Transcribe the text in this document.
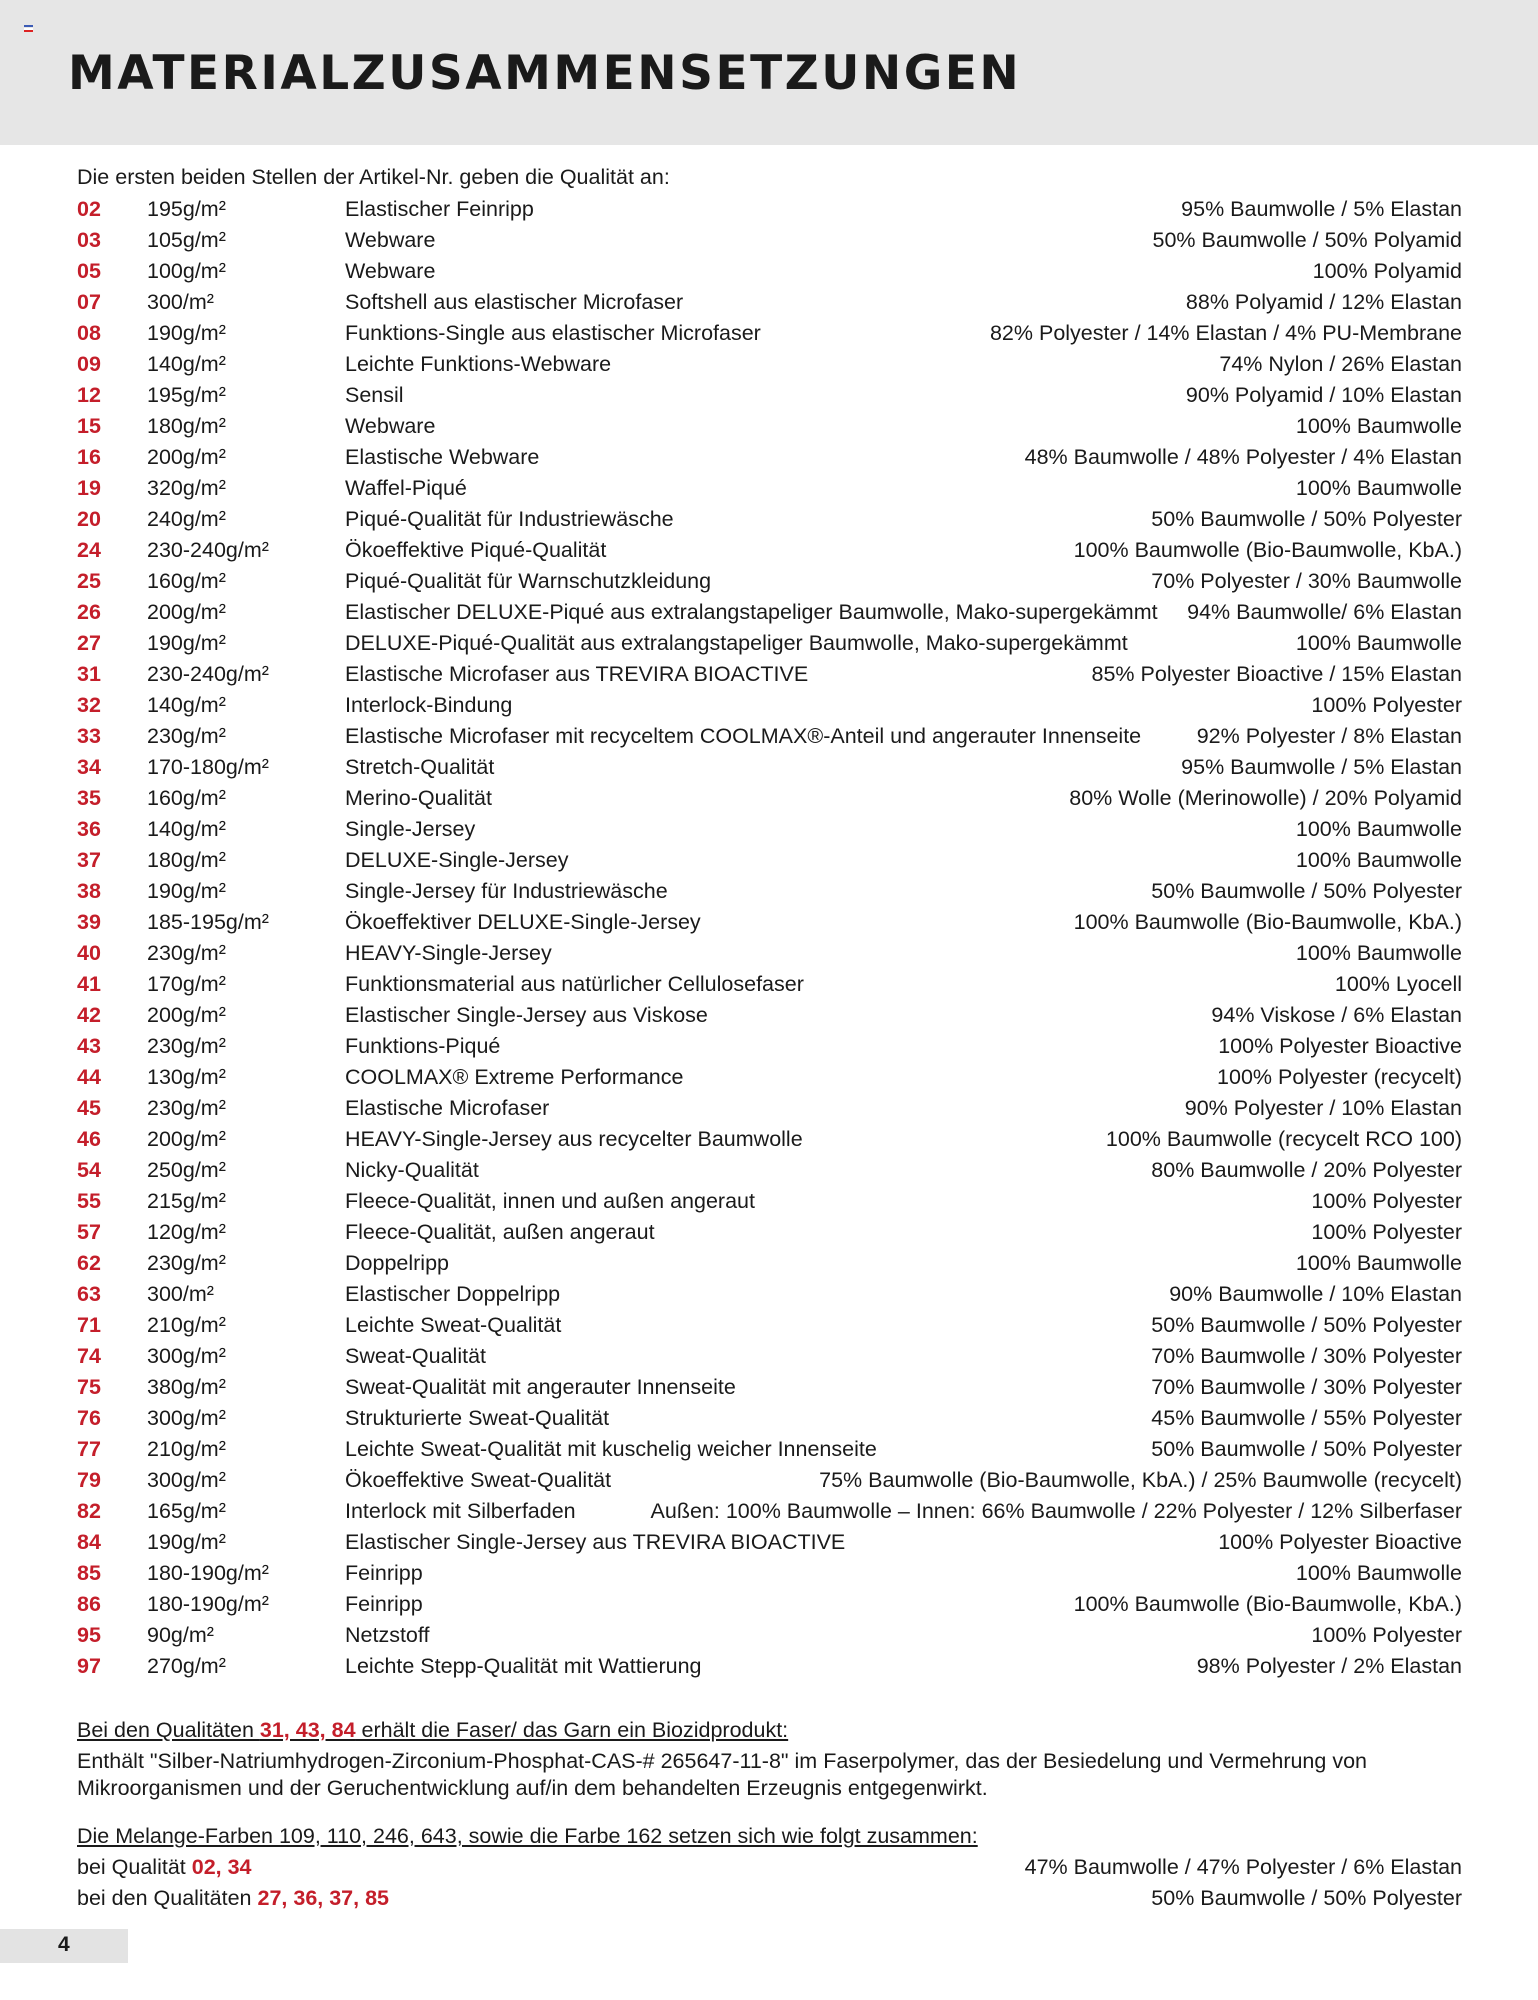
MATERIALZUSAMMENSETZUNGEN
Die ersten beiden Stellen der Artikel-Nr. geben die Qualität an:
02 195g/m²	Elastischer Feinripp	95% Baumwolle / 5% Elastan
03 105g/m²	Webware	50% Baumwolle / 50% Polyamid
05 100g/m²	Webware	100% Polyamid
07 300/m²	Softshell aus elastischer Microfaser	88% Polyamid / 12% Elastan
08 190g/m²	Funktions-Single aus elastischer Microfaser	82% Polyester / 14% Elastan / 4% PU-Membrane
09 140g/m²	Leichte Funktions-Webware	74% Nylon / 26% Elastan
12 195g/m²	Sensil	90% Polyamid / 10% Elastan
15 180g/m²	Webware	100% Baumwolle
16 200g/m²	Elastische Webware	48% Baumwolle / 48% Polyester / 4% Elastan
19 320g/m²	Waffel-Piqué	100% Baumwolle
20 240g/m²	Piqué-Qualität für Industriewäsche	50% Baumwolle / 50% Polyester
24 230-240g/m²	Ökoeffektive Piqué-Qualität	100% Baumwolle (Bio-Baumwolle, KbA.)
25 160g/m²	Piqué-Qualität für Warnschutzkleidung	70% Polyester / 30% Baumwolle
26 200g/m²	Elastischer DELUXE-Piqué aus extralangstapeliger Baumwolle, Mako-supergekämmt 94% Baumwolle/ 6% Elastan
27 190g/m²	DELUXE-Piqué-Qualität aus extralangstapeliger Baumwolle, Mako-supergekämmt	100% Baumwolle
31 230-240g/m²	Elastische Microfaser aus TREVIRA BIOACTIVE	85% Polyester Bioactive / 15% Elastan
32 140g/m²	Interlock-Bindung	100% Polyester
33 230g/m²	Elastische Microfaser mit recyceltem COOLMAX®-Anteil und angerauter Innenseite	92% Polyester / 8% Elastan
34 170-180g/m²	Stretch-Qualität	95% Baumwolle / 5% Elastan
35 160g/m²	Merino-Qualität	80% Wolle (Merinowolle) / 20% Polyamid
36 140g/m²	Single-Jersey	100% Baumwolle
37 180g/m²	DELUXE-Single-Jersey	100% Baumwolle
38 190g/m²	Single-Jersey für Industriewäsche	50% Baumwolle / 50% Polyester
39 185-195g/m²	Ökoeffektiver DELUXE-Single-Jersey	100% Baumwolle (Bio-Baumwolle, KbA.)
40 230g/m²	HEAVY-Single-Jersey	100% Baumwolle
41 170g/m²	Funktionsmaterial aus natürlicher Cellulosefaser	100% Lyocell
42 200g/m²	Elastischer Single-Jersey aus Viskose	94% Viskose / 6% Elastan
43 230g/m²	Funktions-Piqué	100% Polyester Bioactive
44 130g/m²	COOLMAX® Extreme Performance	100% Polyester (recycelt)
45 230g/m²	Elastische Microfaser	90% Polyester / 10% Elastan
46 200g/m²	HEAVY-Single-Jersey aus recycelter Baumwolle	100% Baumwolle (recycelt RCO 100)
54 250g/m²	Nicky-Qualität	80% Baumwolle / 20% Polyester
55 215g/m²	Fleece-Qualität, innen und außen angeraut	100% Polyester
57 120g/m²	Fleece-Qualität, außen angeraut	100% Polyester
62 230g/m²	Doppelripp	100% Baumwolle
63 300/m²	Elastischer Doppelripp	90% Baumwolle / 10% Elastan
71 210g/m²	Leichte Sweat-Qualität	50% Baumwolle / 50% Polyester
74 300g/m²	Sweat-Qualität	70% Baumwolle / 30% Polyester
75 380g/m²	Sweat-Qualität mit angerauter Innenseite	70% Baumwolle / 30% Polyester
76 300g/m²	Strukturierte Sweat-Qualität	45% Baumwolle / 55% Polyester
77 210g/m²	Leichte Sweat-Qualität mit kuschelig weicher Innenseite	50% Baumwolle / 50% Polyester
79 300g/m²	Ökoeffektive Sweat-Qualität	75% Baumwolle (Bio-Baumwolle, KbA.) / 25% Baumwolle (recycelt)
82 165g/m²	Interlock mit Silberfaden	Außen: 100% Baumwolle – Innen: 66% Baumwolle / 22% Polyester / 12% Silberfaser
84 190g/m²	Elastischer Single-Jersey aus TREVIRA BIOACTIVE	100% Polyester Bioactive
85 180-190g/m²	Feinripp	100% Baumwolle
86 180-190g/m²	Feinripp	100% Baumwolle (Bio-Baumwolle, KbA.)
95 90g/m²	Netzstoff	100% Polyester
97 270g/m²	Leichte Stepp-Qualität mit Wattierung	98% Polyester / 2% Elastan
Bei den Qualitäten 31, 43, 84 erhält die Faser/ das Garn ein Biozidprodukt:
Enthält "Silber-Natriumhydrogen-Zirconium-Phosphat-CAS-# 265647-11-8" im Faserpolymer, das der Besiedelung und Vermehrung von Mikroorganismen und der Geruchentwicklung auf/in dem behandelten Erzeugnis entgegenwirkt.
Die Melange-Farben 109, 110, 246, 643, sowie die Farbe 162 setzen sich wie folgt zusammen:
bei Qualität 02, 34	47% Baumwolle / 47% Polyester / 6% Elastan
bei den Qualitäten 27, 36, 37, 85	50% Baumwolle / 50% Polyester
4
